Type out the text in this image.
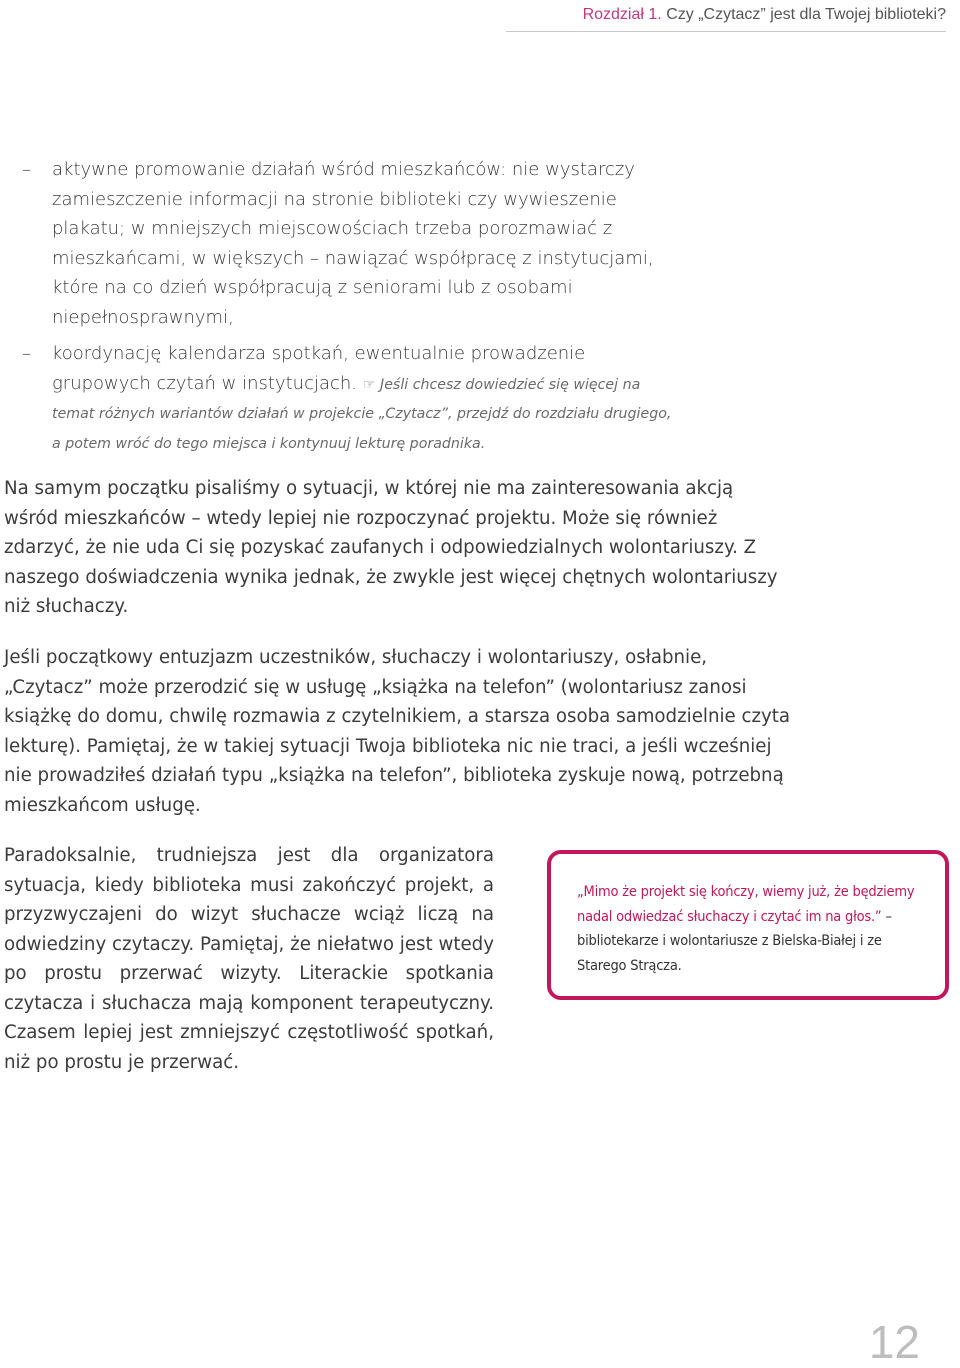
Rozdział 1. Czy „Czytacz” jest dla Twojej biblioteki?
– aktywne promowanie działań wśród mieszkańców: nie wystarczy zamieszczenie informacji na stronie biblioteki czy wywieszenie plakatu; w mniejszych miejscowościach trzeba porozmawiać z mieszkańcami, w większych – nawiązać współpracę z instytucjami, które na co dzień współpracują z seniorami lub z osobami niepełnosprawnymi,
– koordynację kalendarza spotkań, ewentualnie prowadzenie grupowych czytań w instytucjach. ☞ Jeśli chcesz dowiedzieć się więcej na temat różnych wariantów działań w projekcie „Czytacz”, przejdź do rozdziału drugiego, a potem wróć do tego miejsca i kontynuuj lekturę poradnika.

Na samym początku pisaliśmy o sytuacji, w której nie ma zainteresowania akcją wśród mieszkańców – wtedy lepiej nie rozpoczynać projektu. Może się również zdarzyć, że nie uda Ci się pozyskać zaufanych i odpowiedzialnych wolontariuszy. Z naszego doświadczenia wynika jednak, że zwykle jest więcej chętnych wolontariuszy niż słuchaczy.

Jeśli początkowy entuzjazm uczestników, słuchaczy i wolontariuszy, osłabnie, „Czytacz” może przerodzić się w usługę „książka na telefon” (wolontariusz zanosi książkę do domu, chwilę rozmawia z czytelnikiem, a starsza osoba samodzielnie czyta lekturę). Pamiętaj, że w takiej sytuacji Twoja biblioteka nic nie traci, a jeśli wcześniej nie prowadziłeś działań typu „książka na telefon”, biblioteka zyskuje nową, potrzebną mieszkańcom usługę.

Paradoksalnie, trudniejsza jest dla organizatora sytuacja, kiedy biblioteka musi zakończyć projekt, a przyzwyczajeni do wizyt słuchacze wciąż liczą na odwiedziny czytaczy. Pamiętaj, że niełatwo jest wtedy po prostu przerwać wizyty. Literackie spotkania czytacza i słuchacza mają komponent terapeutyczny. Czasem lepiej jest zmniejszyć częstotliwość spotkań, niż po prostu je przerwać.

„Mimo że projekt się kończy, wiemy już, że będziemy nadal odwiedzać słuchaczy i czytać im na głos.” – bibliotekarze i wolontariusze z Bielska-Białej i ze Starego Strącza.

12
